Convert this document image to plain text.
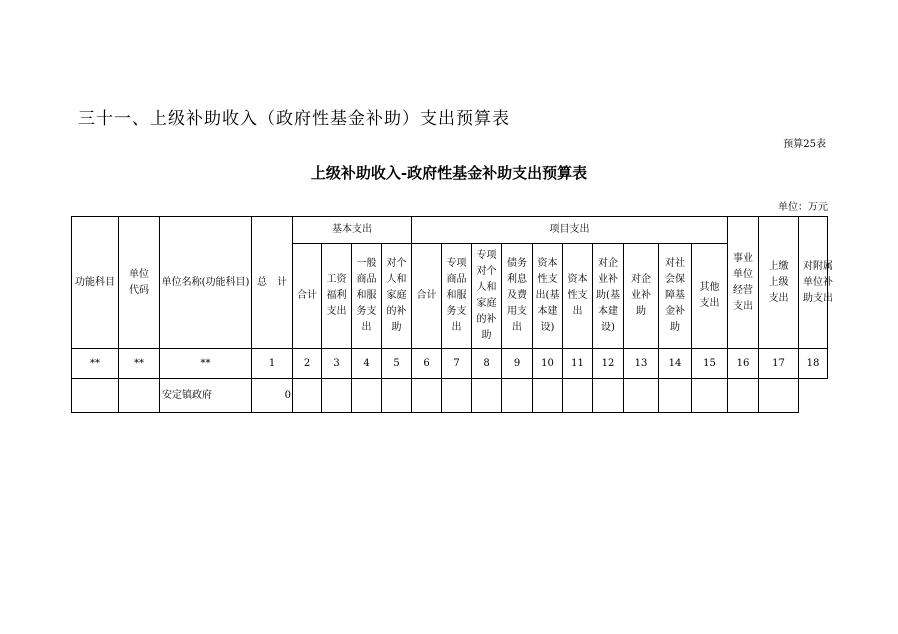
三十一、上级补助收入（政府性基金补助）支出预算表
预算25表
上级补助收入-政府性基金补助支出预算表
单位：万元
功能科目	单位代码	单位名称(功能科目)	总　计	基本支出				项目支出										事业单位经营支出	上缴上级支出	对附属单位补助支出
				合计	工资福利支出	一般商品和服务支出	对个人和家庭的补助	合计	专项商品和服务支出	专项对个人和家庭的补助	债务利息及费用支出	资本性支出(基本建设)	资本性支出	对企业补助(基本建设)	对企业补助	对社会保障基金补助	其他支出			
**	**	**	1	2	3	4	5	6	7	8	9	10	11	12	13	14	15	16	17	18
		安定镇政府	0																	
